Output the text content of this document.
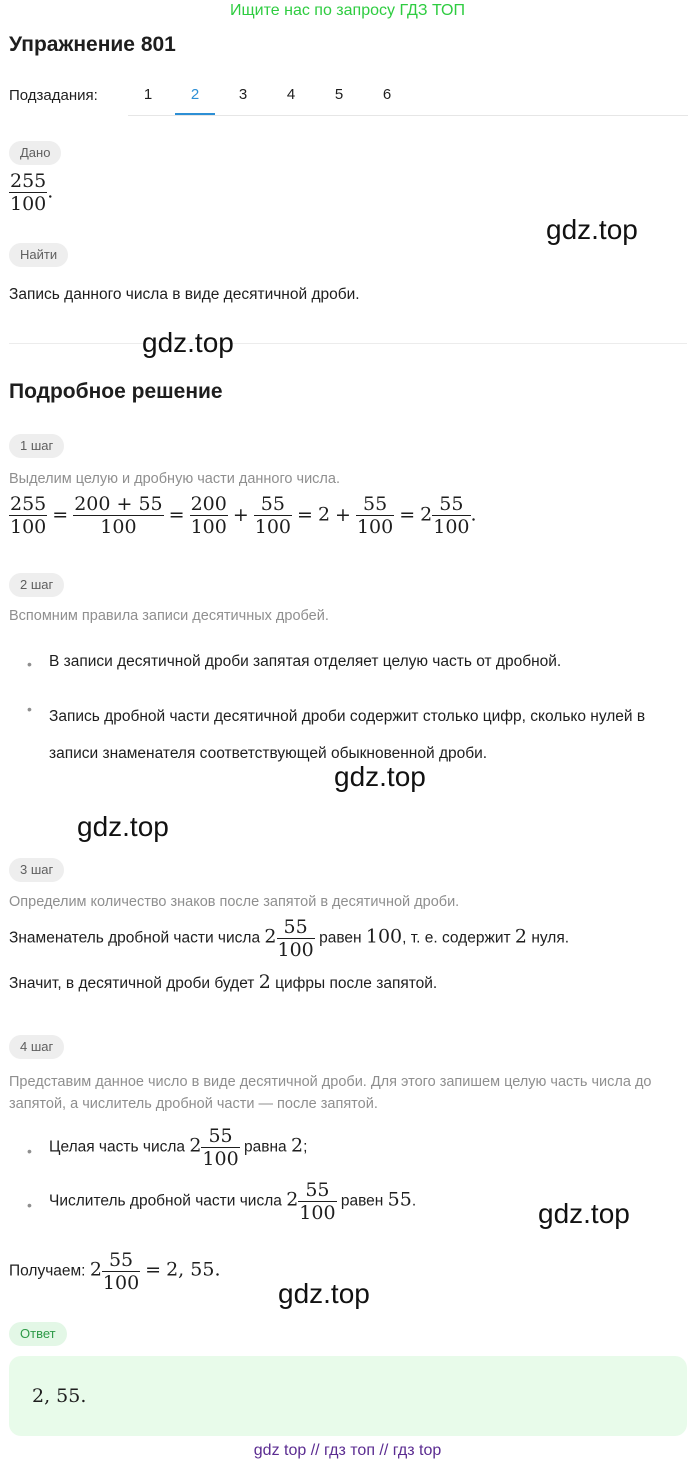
Ищите нас по запросу ГДЗ ТОП
Упражнение 801
Подзадания:	1	2	3	4	5	6
Дано
$\frac{255}{100}$ .
Найти
Запись данного числа в виде десятичной дроби.
Подробное решение
1 шаг
Выделим целую и дробную части данного числа.
$\frac{255}{100} = \frac{200 + 55}{100} = \frac{200}{100} + \frac{55}{100} = 2 + \frac{55}{100} = 2 \frac{55}{100}$ .
2 шаг
Вспомним правила записи десятичных дробей.
• В записи десятичной дроби запятая отделяет целую часть от дробной.
• Запись дробной части десятичной дроби содержит столько цифр, сколько нулей в записи знаменателя соответствующей обыкновенной дроби.
3 шаг
Определим количество знаков после запятой в десятичной дроби.
Знаменатель дробной части числа $2 \frac{55}{100}$ равен 100, т. е. содержит 2 нуля.
Значит, в десятичной дроби будет 2 цифры после запятой.
4 шаг
Представим данное число в виде десятичной дроби. Для этого запишем целую часть числа до запятой, а числитель дробной части — после запятой.
• Целая часть числа $2 \frac{55}{100}$ равна 2;
• Числитель дробной части числа $2 \frac{55}{100}$ равен 55.
Получаем: $2 \frac{55}{100} = 2$, 55.
Ответ
2, 55.
gdz.top
gdz.top
gdz.top
gdz.top
gdz.top
gdz.top
gdz top // гдз топ // гдз top
